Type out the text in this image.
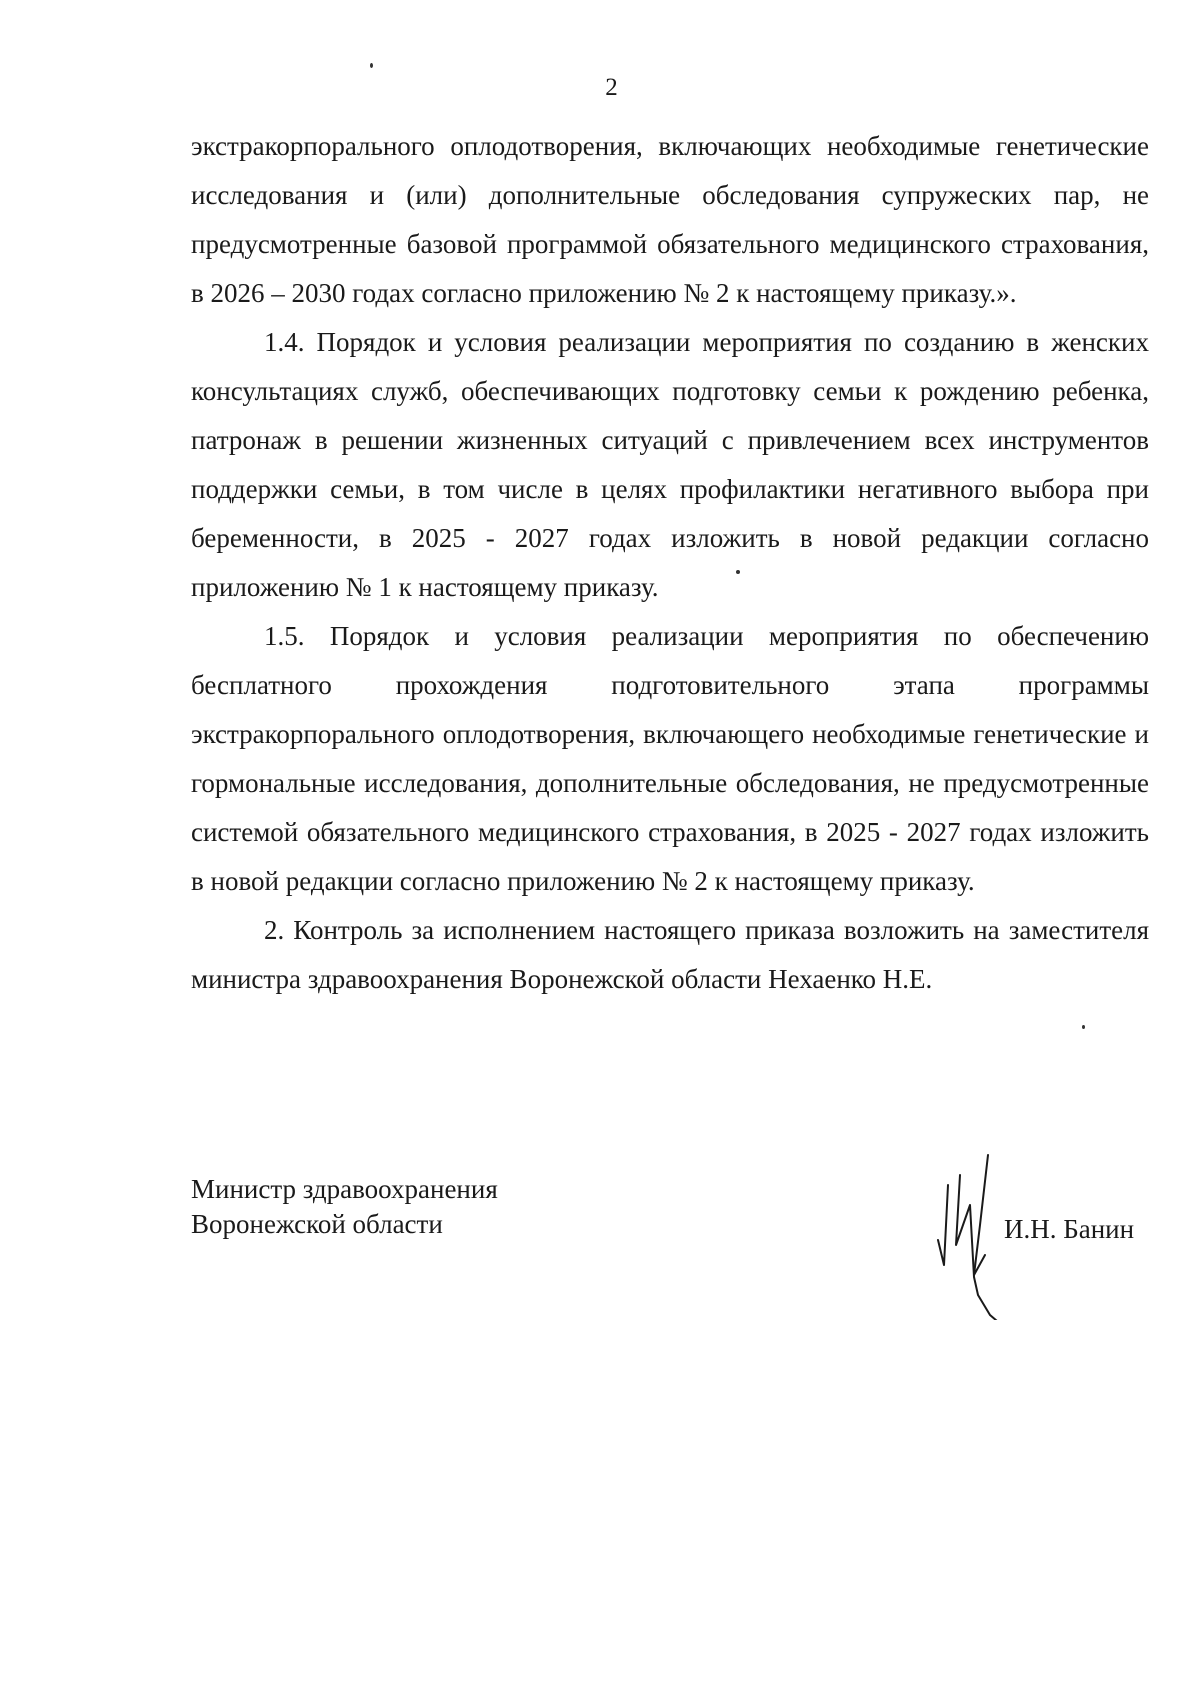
2

экстракорпорального оплодотворения, включающих необходимые генетические исследования и (или) дополнительные обследования супружеских пар, не предусмотренные базовой программой обязательного медицинского страхования, в 2026 – 2030 годах согласно приложению № 2 к настоящему приказу.».

1.4. Порядок и условия реализации мероприятия по созданию в женских консультациях служб, обеспечивающих подготовку семьи к рождению ребенка, патронаж в решении жизненных ситуаций с привлечением всех инструментов поддержки семьи, в том числе в целях профилактики негативного выбора при беременности, в 2025 - 2027 годах изложить в новой редакции согласно приложению № 1 к настоящему приказу.

1.5. Порядок и условия реализации мероприятия по обеспечению бесплатного прохождения подготовительного этапа программы экстракорпорального оплодотворения, включающего необходимые генетические и гормональные исследования, дополнительные обследования, не предусмотренные системой обязательного медицинского страхования, в 2025 - 2027 годах изложить в новой редакции согласно приложению № 2 к настоящему приказу.

2. Контроль за исполнением настоящего приказа возложить на заместителя министра здравоохранения Воронежской области Нехаенко Н.Е.

Министр здравоохранения
Воронежской области	И.Н. Банин
